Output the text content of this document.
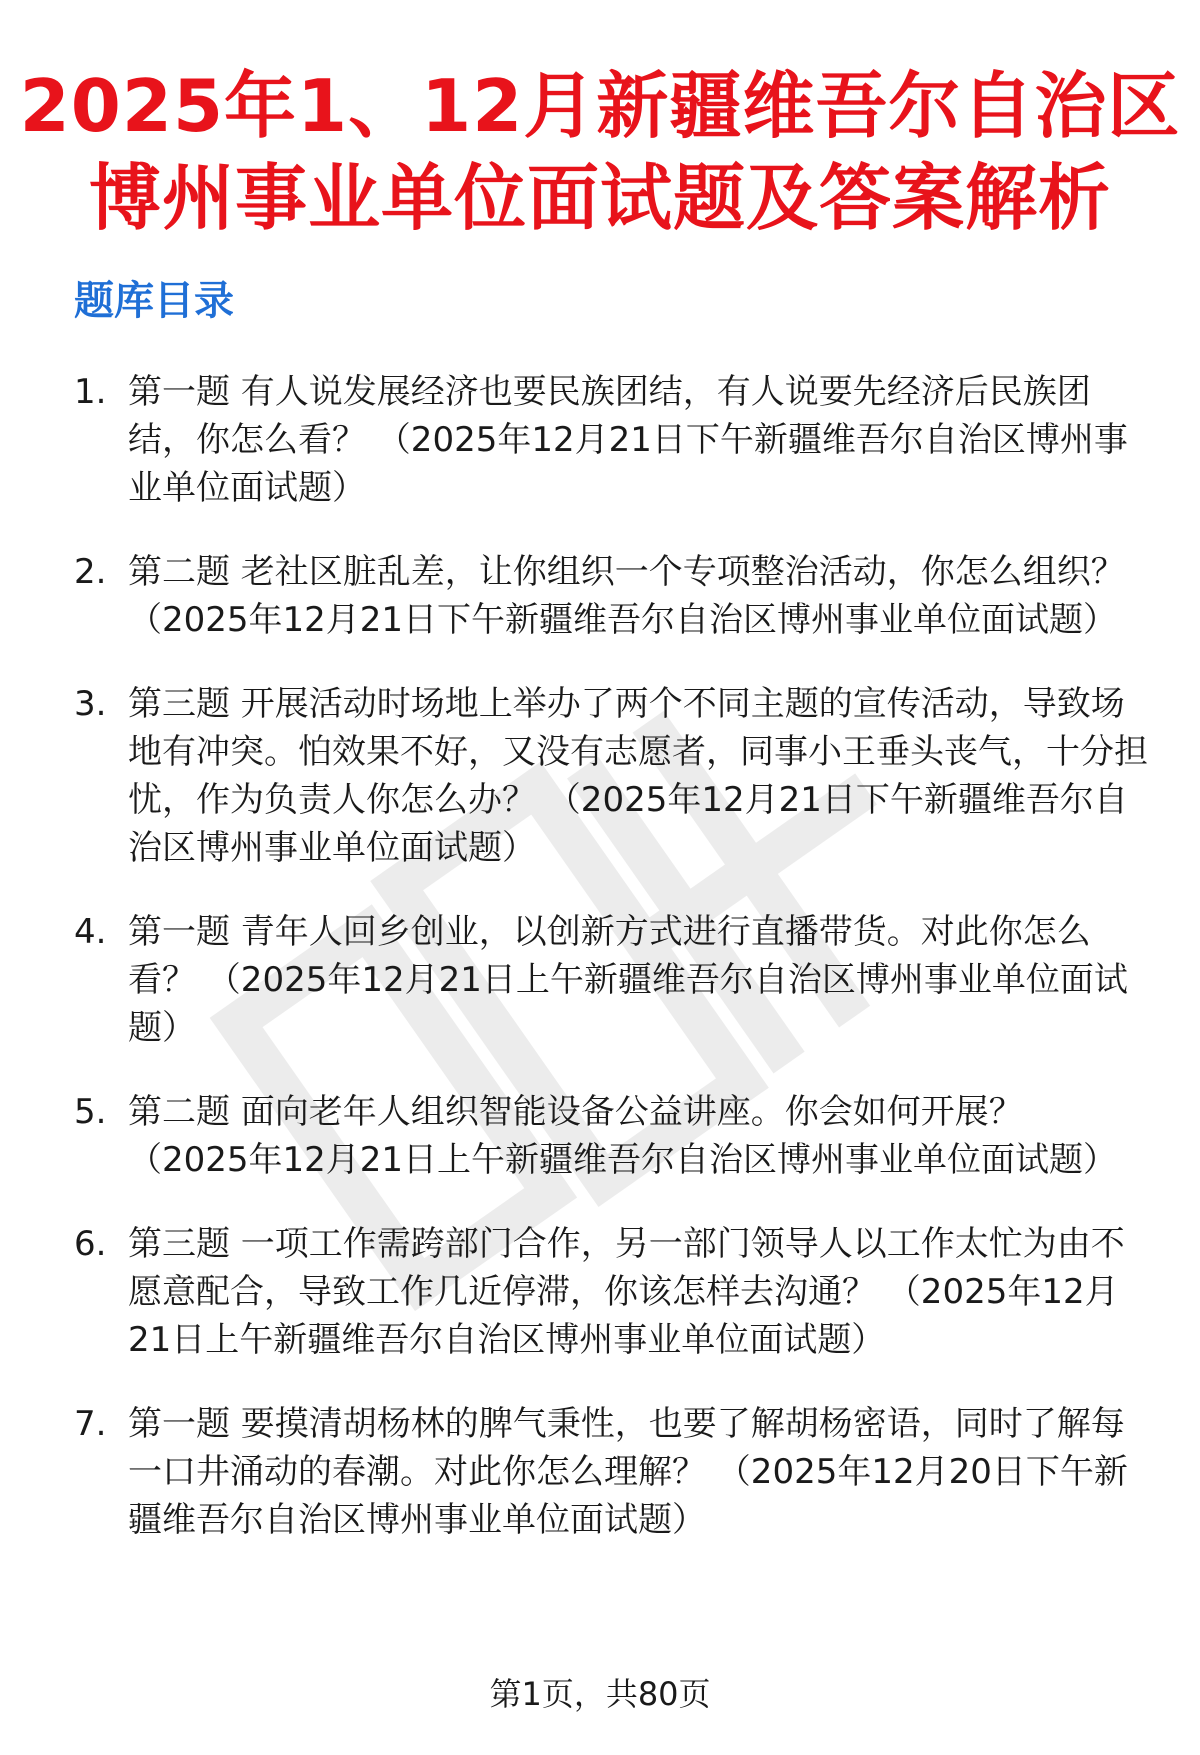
2025年1、12月新疆维吾尔自治区
博州事业单位面试题及答案解析
题库目录
1. 第一题 有人说发展经济也要民族团结，有人说要先经济后民族团结，你怎么看？ （2025年12月21日下午新疆维吾尔自治区博州事业单位面试题）
2. 第二题 老社区脏乱差，让你组织一个专项整治活动，你怎么组织？ （2025年12月21日下午新疆维吾尔自治区博州事业单位面试题）
3. 第三题 开展活动时场地上举办了两个不同主题的宣传活动，导致场地有冲突。怕效果不好，又没有志愿者，同事小王垂头丧气，十分担忧，作为负责人你怎么办？ （2025年12月21日下午新疆维吾尔自治区博州事业单位面试题）
4. 第一题 青年人回乡创业，以创新方式进行直播带货。对此你怎么看？ （2025年12月21日上午新疆维吾尔自治区博州事业单位面试题）
5. 第二题 面向老年人组织智能设备公益讲座。你会如何开展？ （2025年12月21日上午新疆维吾尔自治区博州事业单位面试题）
6. 第三题 一项工作需跨部门合作，另一部门领导人以工作太忙为由不愿意配合，导致工作几近停滞，你该怎样去沟通？ （2025年12月21日上午新疆维吾尔自治区博州事业单位面试题）
7. 第一题 要摸清胡杨林的脾气秉性，也要了解胡杨密语，同时了解每一口井涌动的春潮。对此你怎么理解？ （2025年12月20日下午新疆维吾尔自治区博州事业单位面试题）
第1页，共80页
